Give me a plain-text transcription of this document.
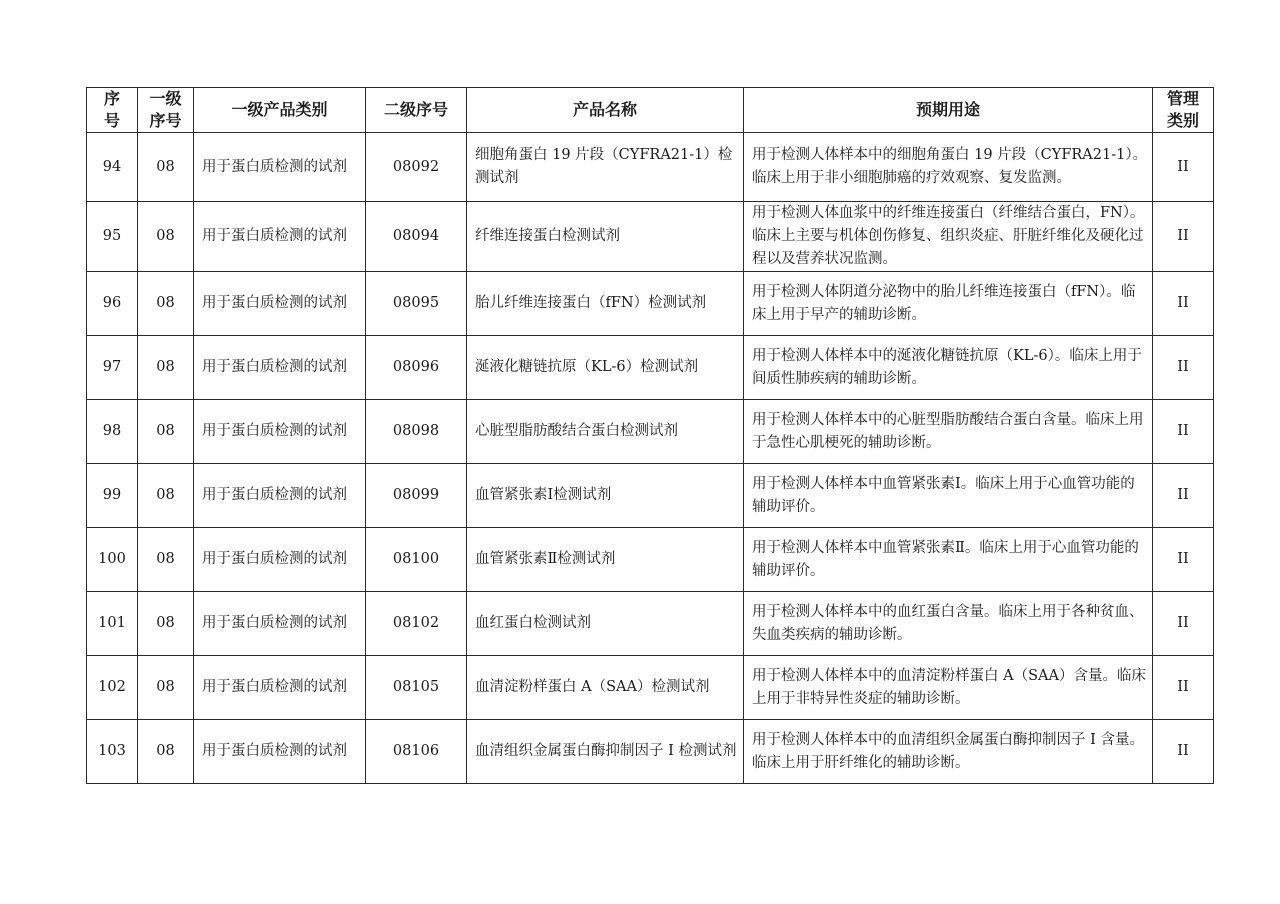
序号	一级序号	一级产品类别	二级序号	产品名称	预期用途	管理类别
94	08	用于蛋白质检测的试剂	08092	细胞角蛋白 19 片段（CYFRA21-1）检测试剂	用于检测人体样本中的细胞角蛋白 19 片段（CYFRA21-1）。临床上用于非小细胞肺癌的疗效观察、复发监测。	II
95	08	用于蛋白质检测的试剂	08094	纤维连接蛋白检测试剂	用于检测人体血浆中的纤维连接蛋白（纤维结合蛋白，FN）。临床上主要与机体创伤修复、组织炎症、肝脏纤维化及硬化过程以及营养状况监测。	II
96	08	用于蛋白质检测的试剂	08095	胎儿纤维连接蛋白（fFN）检测试剂	用于检测人体阴道分泌物中的胎儿纤维连接蛋白（fFN）。临床上用于早产的辅助诊断。	II
97	08	用于蛋白质检测的试剂	08096	涎液化糖链抗原（KL-6）检测试剂	用于检测人体样本中的涎液化糖链抗原（KL-6）。临床上用于间质性肺疾病的辅助诊断。	II
98	08	用于蛋白质检测的试剂	08098	心脏型脂肪酸结合蛋白检测试剂	用于检测人体样本中的心脏型脂肪酸结合蛋白含量。临床上用于急性心肌梗死的辅助诊断。	II
99	08	用于蛋白质检测的试剂	08099	血管紧张素Ⅰ检测试剂	用于检测人体样本中血管紧张素Ⅰ。临床上用于心血管功能的辅助评价。	II
100	08	用于蛋白质检测的试剂	08100	血管紧张素Ⅱ检测试剂	用于检测人体样本中血管紧张素Ⅱ。临床上用于心血管功能的辅助评价。	II
101	08	用于蛋白质检测的试剂	08102	血红蛋白检测试剂	用于检测人体样本中的血红蛋白含量。临床上用于各种贫血、失血类疾病的辅助诊断。	II
102	08	用于蛋白质检测的试剂	08105	血清淀粉样蛋白 A（SAA）检测试剂	用于检测人体样本中的血清淀粉样蛋白 A（SAA）含量。临床上用于非特异性炎症的辅助诊断。	II
103	08	用于蛋白质检测的试剂	08106	血清组织金属蛋白酶抑制因子 I 检测试剂	用于检测人体样本中的血清组织金属蛋白酶抑制因子 I 含量。临床上用于肝纤维化的辅助诊断。	II
